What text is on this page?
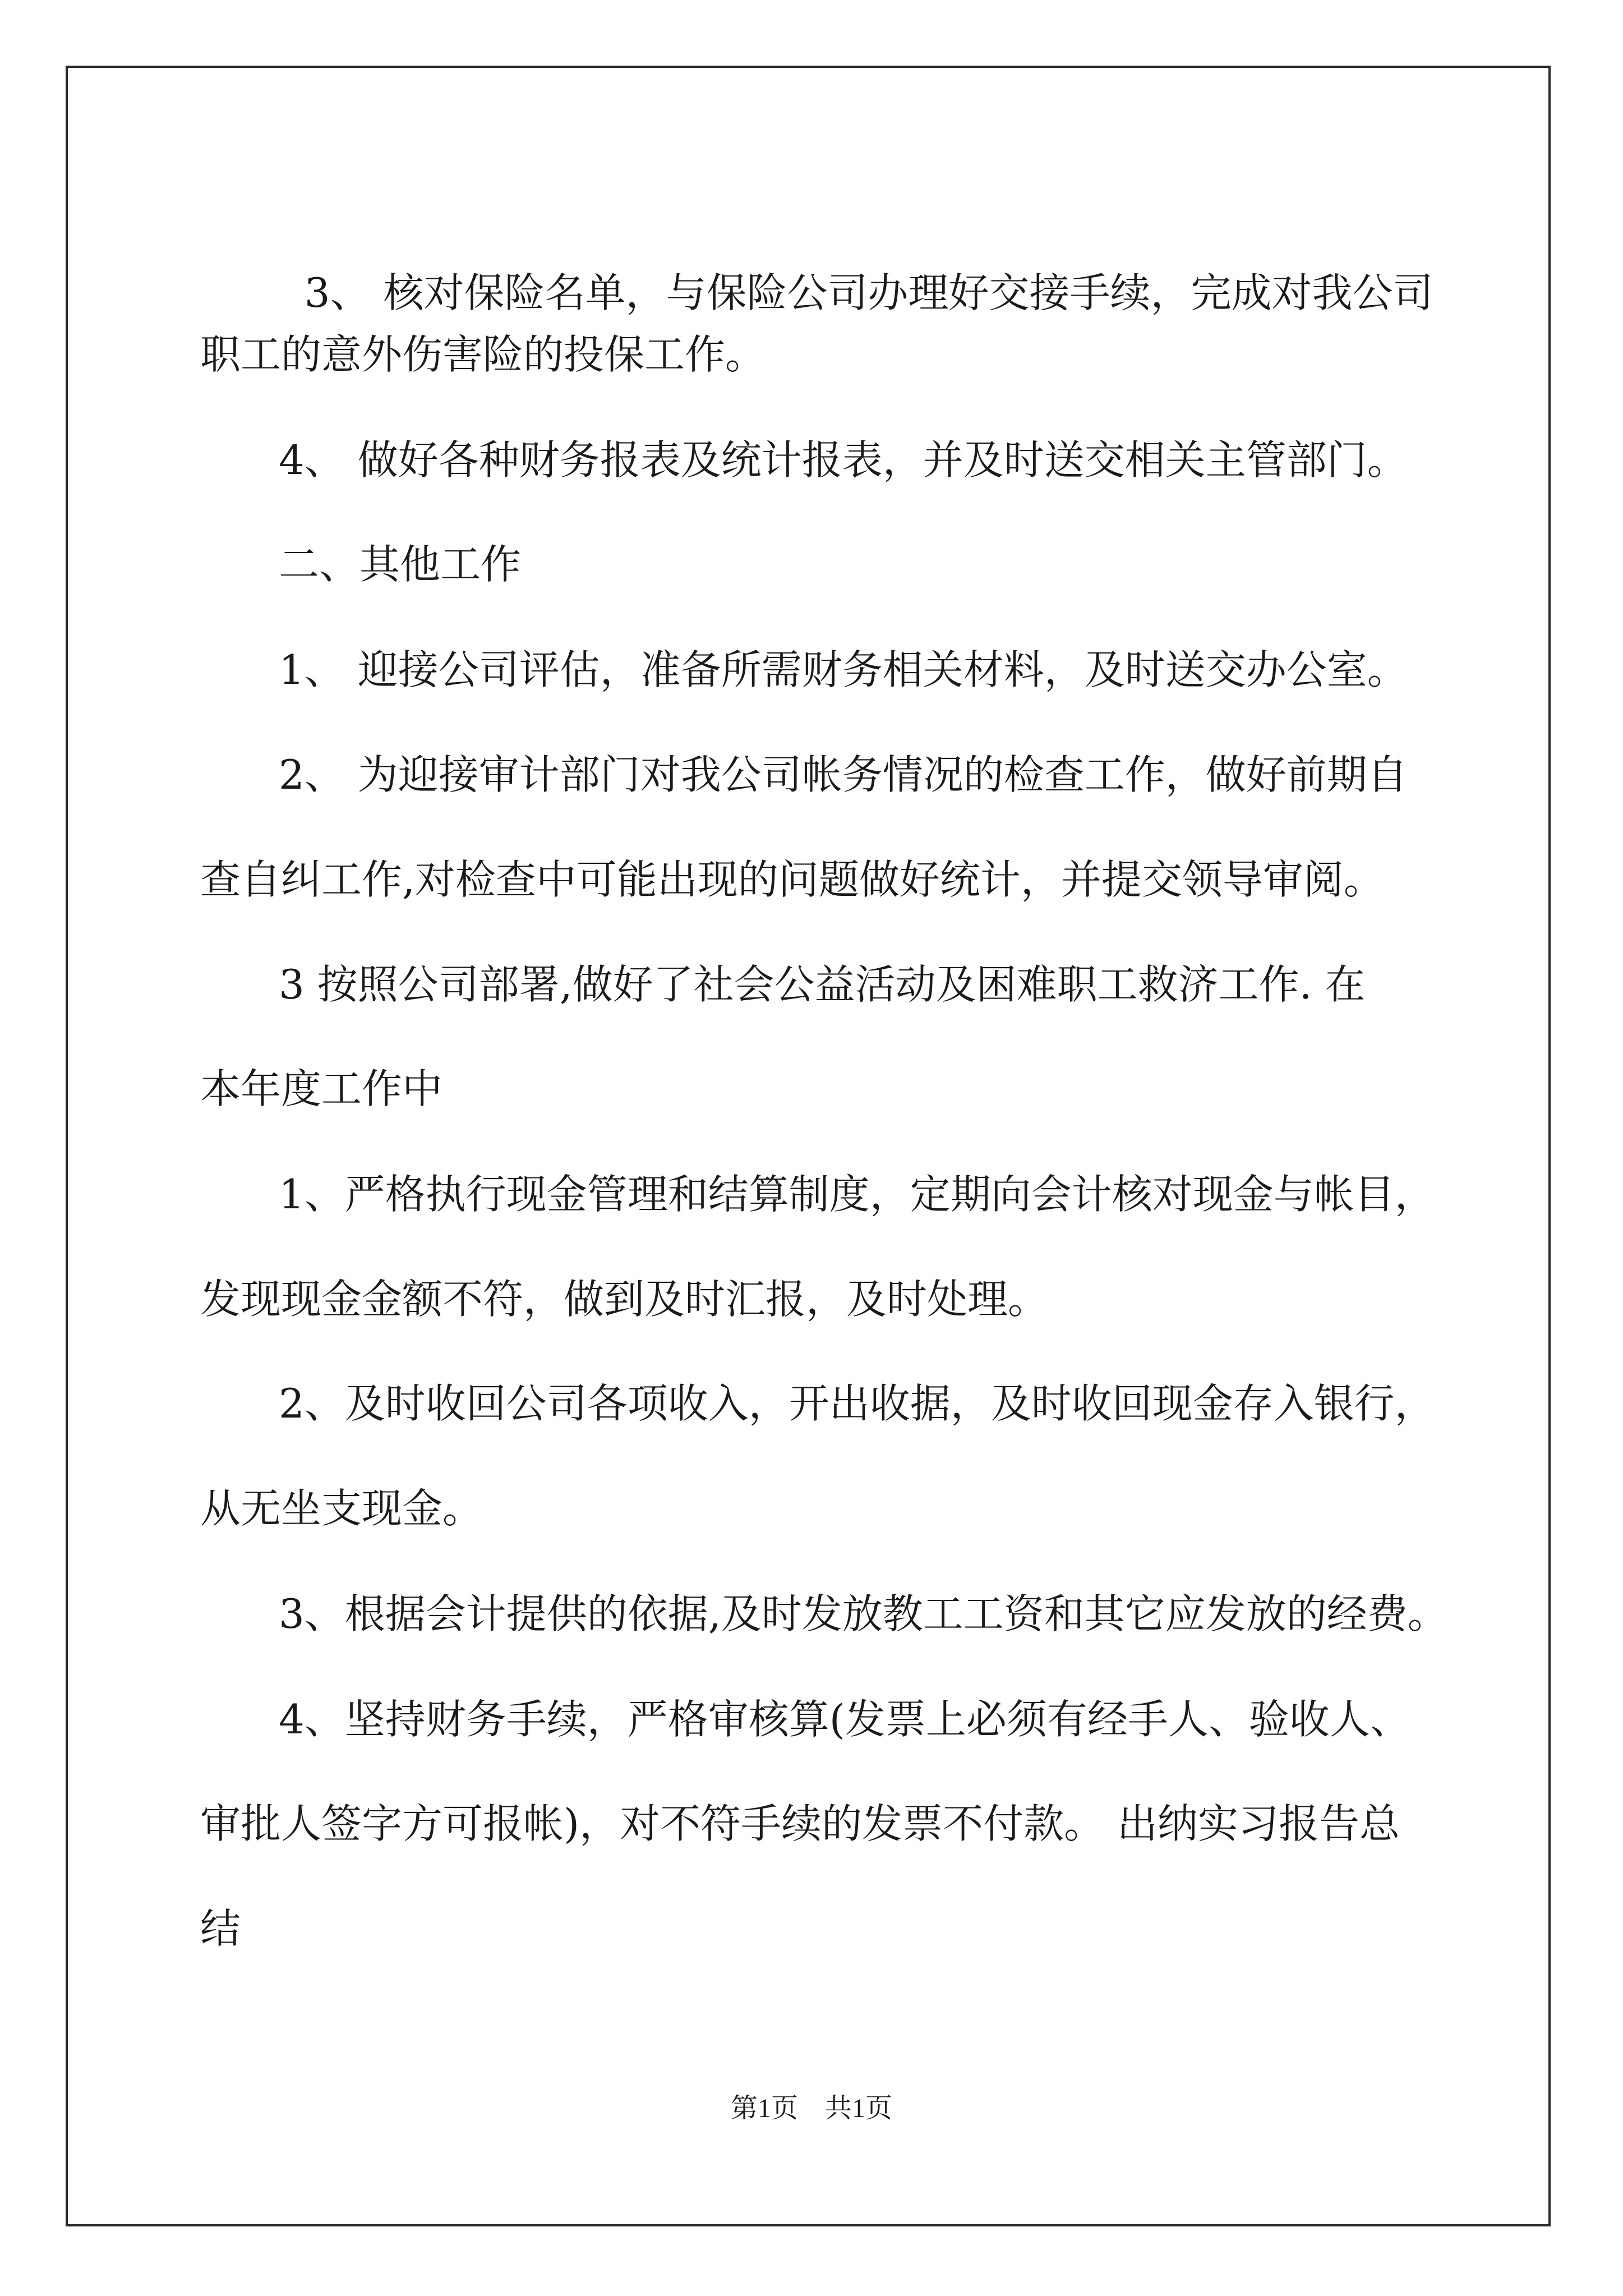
3、 核对保险名单，与保险公司办理好交接手续，完成对我公司

职工的意外伤害险的投保工作。
4、 做好各种财务报表及统计报表，并及时送交相关主管部门。
二、其他工作
1、 迎接公司评估，准备所需财务相关材料，及时送交办公室。
2、 为迎接审计部门对我公司帐务情况的检查工作，做好前期自
查自纠工作,对检查中可能出现的问题做好统计，并提交领导审阅。
3 按照公司部署,做好了社会公益活动及困难职工救济工作. 在
本年度工作中
1、严格执行现金管理和结算制度，定期向会计核对现金与帐目，
发现现金金额不符，做到及时汇报，及时处理。
2、及时收回公司各项收入，开出收据，及时收回现金存入银行，
从无坐支现金。
3、根据会计提供的依据,及时发放教工工资和其它应发放的经费。
4、坚持财务手续，严格审核算(发票上必须有经手人、验收人、
审批人签字方可报帐)，对不符手续的发票不付款。 出纳实习报告总
结
第1页　共1页
